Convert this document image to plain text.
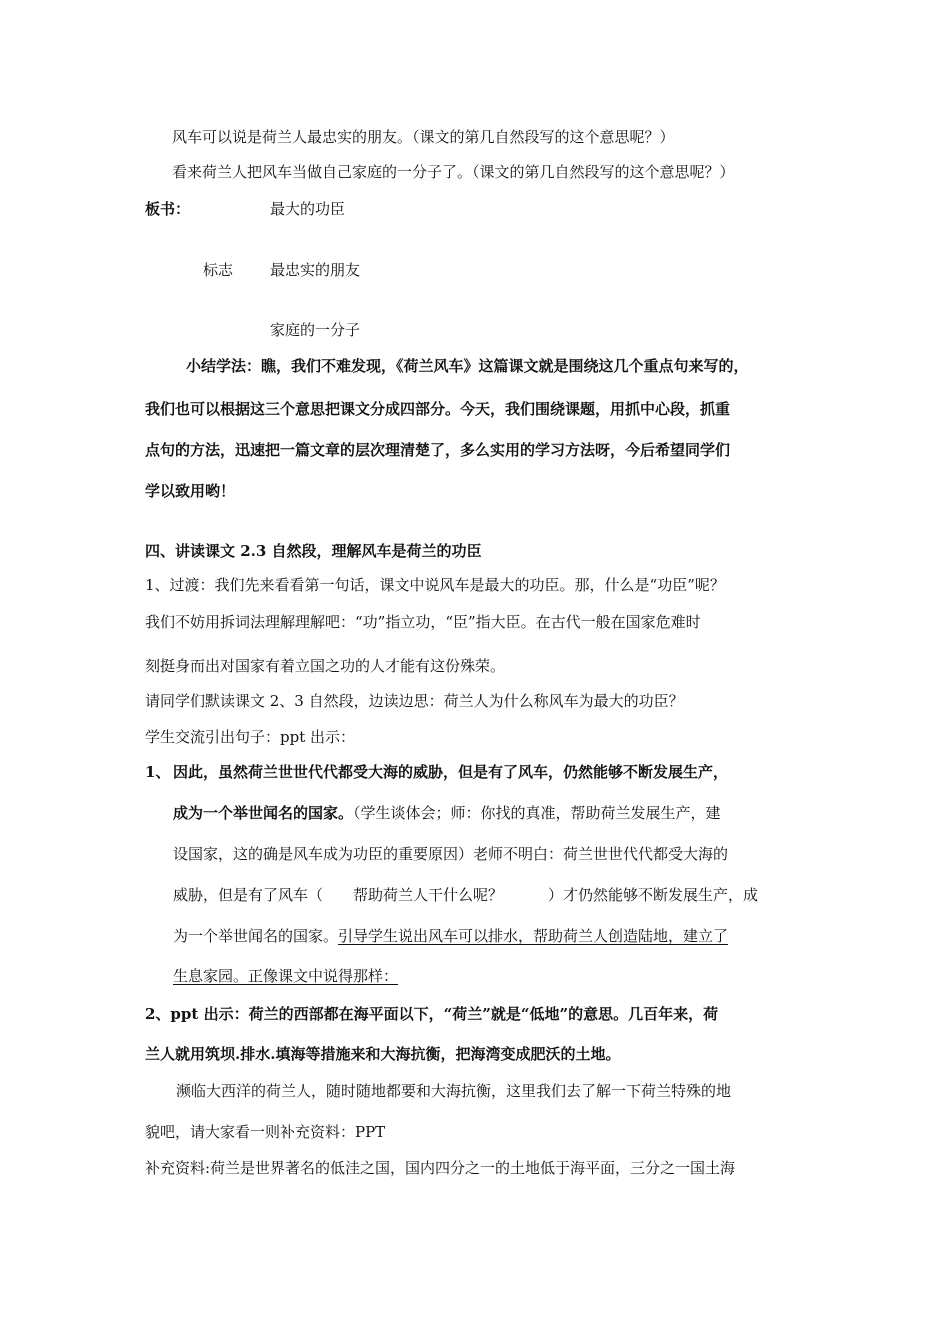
风车可以说是荷兰人最忠实的朋友。（课文的第几自然段写的这个意思呢？）
看来荷兰人把风车当做自己家庭的一分子了。（课文的第几自然段写的这个意思呢？）
板书：	最大的功臣
标志 最忠实的朋友
家庭的一分子
小结学法：瞧，我们不难发现，《荷兰风车》这篇课文就是围绕这几个重点句来写的，
我们也可以根据这三个意思把课文分成四部分。今天，我们围绕课题，用抓中心段，抓重
点句的方法，迅速把一篇文章的层次理清楚了，多么实用的学习方法呀，今后希望同学们
学以致用哟！
四、讲读课文 2.3 自然段，理解风车是荷兰的功臣
1、过渡：我们先来看看第一句话，课文中说风车是最大的功臣。那，什么是“功臣”呢？
我们不妨用拆词法理解理解吧：“功”指立功，“臣”指大臣。在古代一般在国家危难时
刻挺身而出对国家有着立国之功的人才能有这份殊荣。
请同学们默读课文 2、3 自然段，边读边思：荷兰人为什么称风车为最大的功臣？
学生交流引出句子：ppt 出示：
1、 因此，虽然荷兰世世代代都受大海的威胁，但是有了风车，仍然能够不断发展生产，
成为一个举世闻名的国家。（学生谈体会；师：你找的真准，帮助荷兰发展生产，建
设国家，这的确是风车成为功臣的重要原因）老师不明白：荷兰世世代代都受大海的
威胁，但是有了风车（　　帮助荷兰人干什么呢？　　　）才仍然能够不断发展生产，成
为一个举世闻名的国家。引导学生说出风车可以排水，帮助荷兰人创造陆地，建立了
生息家园。正像课文中说得那样：
2、ppt 出示：荷兰的西部都在海平面以下，“荷兰”就是“低地”的意思。几百年来，荷
兰人就用筑坝.排水.填海等措施来和大海抗衡，把海湾变成肥沃的土地。
濒临大西洋的荷兰人，随时随地都要和大海抗衡，这里我们去了解一下荷兰特殊的地
貌吧，请大家看一则补充资料：PPT
补充资料:荷兰是世界著名的低洼之国，国内四分之一的土地低于海平面，三分之一国土海
